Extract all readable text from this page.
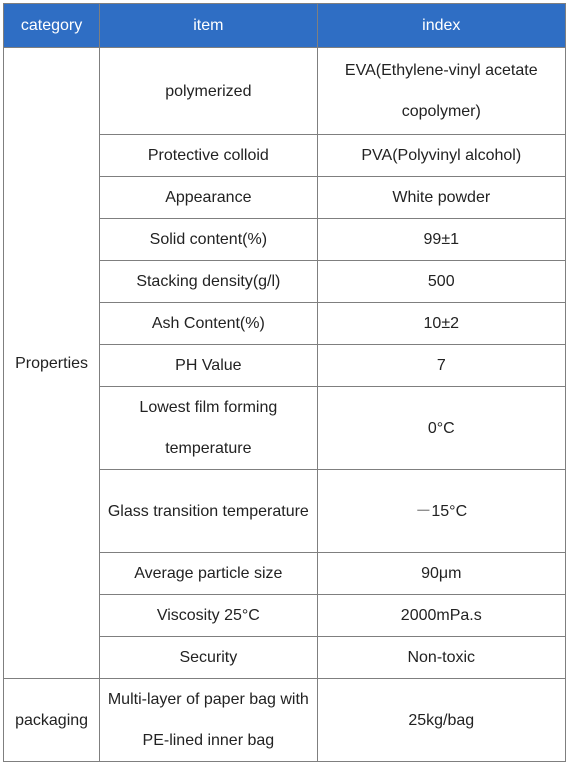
category	item	index
Properties	polymerized	EVA(Ethylene-vinyl acetate copolymer)
	Protective colloid	PVA(Polyvinyl alcohol)
	Appearance	White powder
	Solid content(%)	99±1
	Stacking density(g/l)	500
	Ash Content(%)	10±2
	PH Value	7
	Lowest film forming temperature	0°C
	Glass transition temperature	－15°C
	Average particle size	90μm
	Viscosity 25°C	2000mPa.s
	Security	Non-toxic
packaging	Multi-layer of paper bag with PE-lined inner bag	25kg/bag
